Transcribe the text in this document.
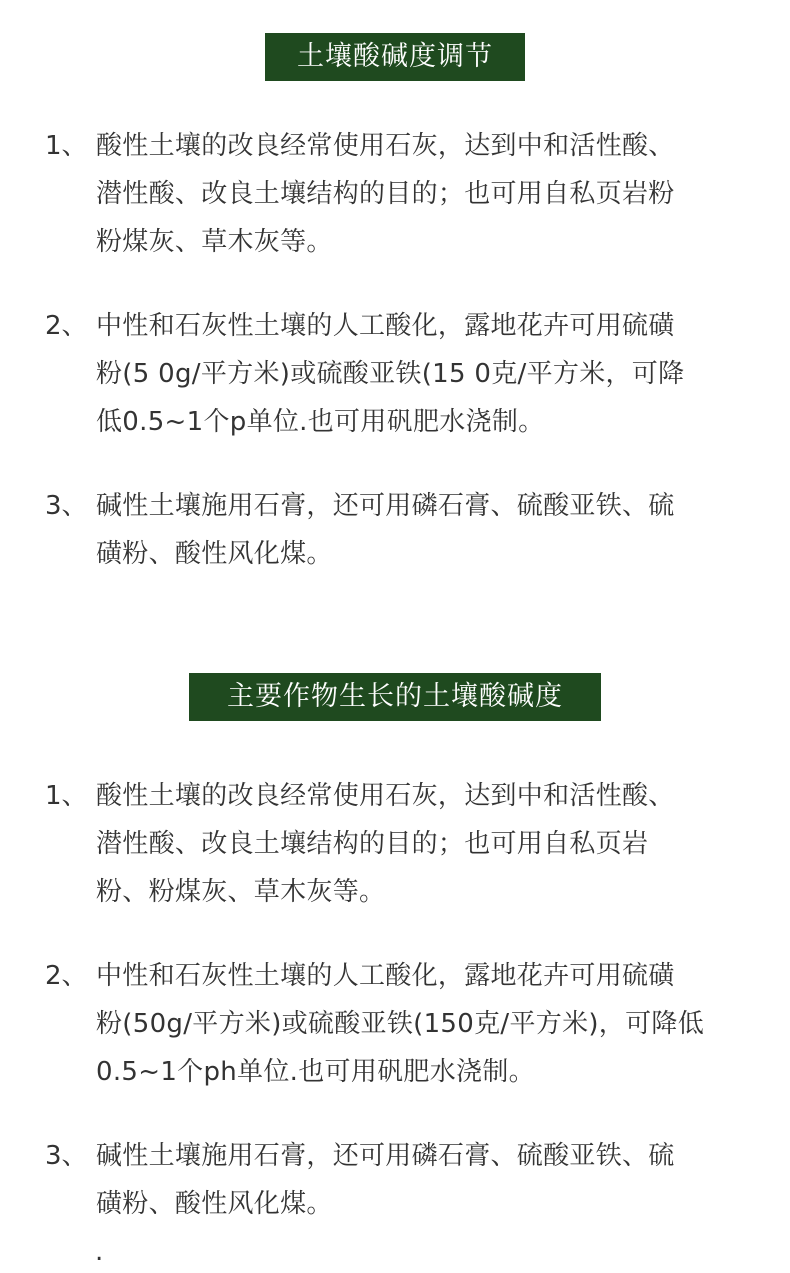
土壤酸碱度调节
1、 酸性土壤的改良经常使用石灰，达到中和活性酸、
潜性酸、改良土壤结构的目的；也可用自私页岩粉
粉煤灰、草木灰等。
2、 中性和石灰性土壤的人工酸化，露地花卉可用硫磺
粉(5 0g/平方米)或硫酸亚铁(15 0克/平方米，可降
低0.5~1个p单位.也可用矾肥水浇制。
3、 碱性土壤施用石膏，还可用磷石膏、硫酸亚铁、硫
磺粉、酸性风化煤。
主要作物生长的土壤酸碱度
1、 酸性土壤的改良经常使用石灰，达到中和活性酸、
潜性酸、改良土壤结构的目的；也可用自私页岩
粉、粉煤灰、草木灰等。
2、 中性和石灰性土壤的人工酸化，露地花卉可用硫磺
粉(50g/平方米)或硫酸亚铁(150克/平方米)，可降低
0.5~1个ph单位.也可用矾肥水浇制。
3、 碱性土壤施用石膏，还可用磷石膏、硫酸亚铁、硫
磺粉、酸性风化煤。
.
